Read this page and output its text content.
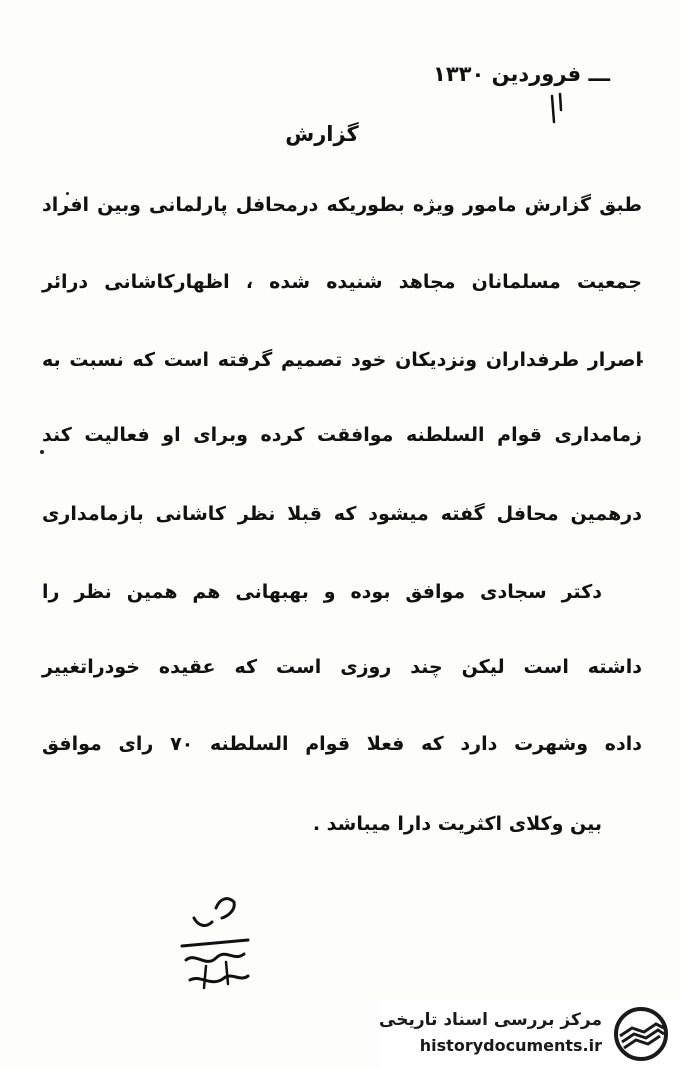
ـــ فروردین ۱۳۳۰
گزارش
طبق گزارش مامور ویژه بطوریکه درمحافل پارلمانی وبین افراد
جمعیت مسلمانان مجاهد شنیده شده ، اظهارکاشانی درائر
اصرار طرفداران ونزدیکان خود تصمیم گرفته است که نسبت به
زمامداری قوام السلطنه موافقت کرده وبرای او فعالیت کند
درهمین محافل گفته میشود که قبلا نظر کاشانی بازمامداری
دکتر سجادی موافق بوده و بهبهانی هم همین نظر را
داشته است لیکن چند روزی است که عقیده خودراتغییر
داده وشهرت دارد که فعلا قوام السلطنه ۷۰ رای موافق
بین وکلای اکثریت دارا میباشد .
مرکز بررسی اسناد تاریخی
historydocuments.ir
